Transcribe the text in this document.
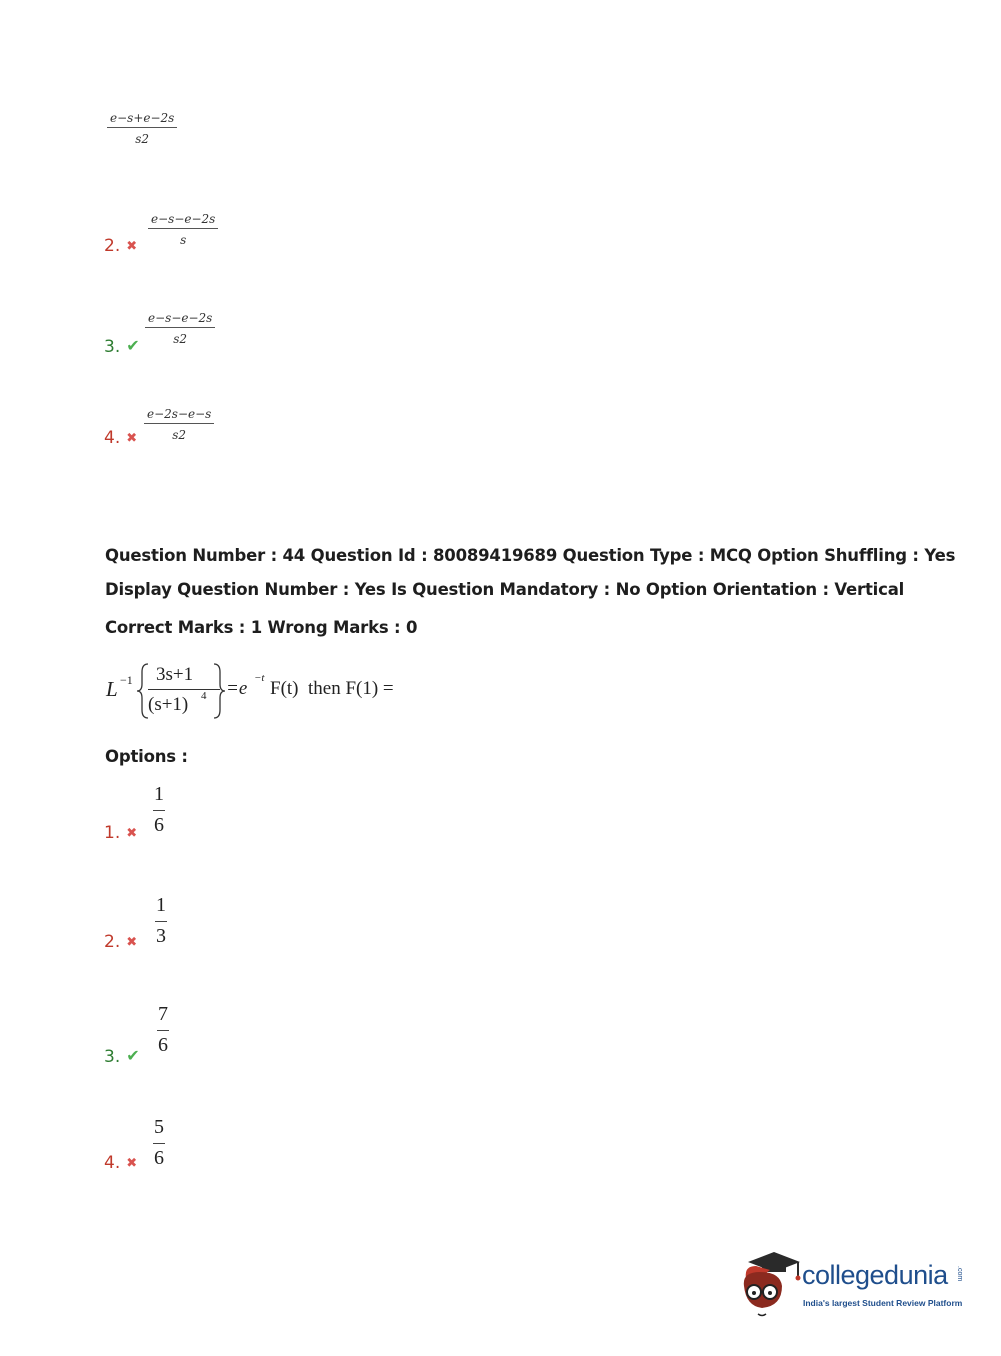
$\frac{e-s+e-2s}{s2}$
2. ✖ $\frac{e-s-e-2s}{s}$
3. ✔ $\frac{e-s-e-2s}{s2}$
4. ✖ $\frac{e-2s-e-s}{s2}$
Question Number : 44 Question Id : 80089419689 Question Type : MCQ Option Shuffling : Yes
Display Question Number : Yes Is Question Mandatory : No Option Orientation : Vertical
Correct Marks : 1 Wrong Marks : 0
L −1 3s+1
(s+1) 4 =e −t F(t)  then F(1) =
Options :
1. ✖
1
6
2. ✖
1
3
3. ✔
7
6
4. ✖
5
6
collegedunia .com
India's largest Student Review Platform
